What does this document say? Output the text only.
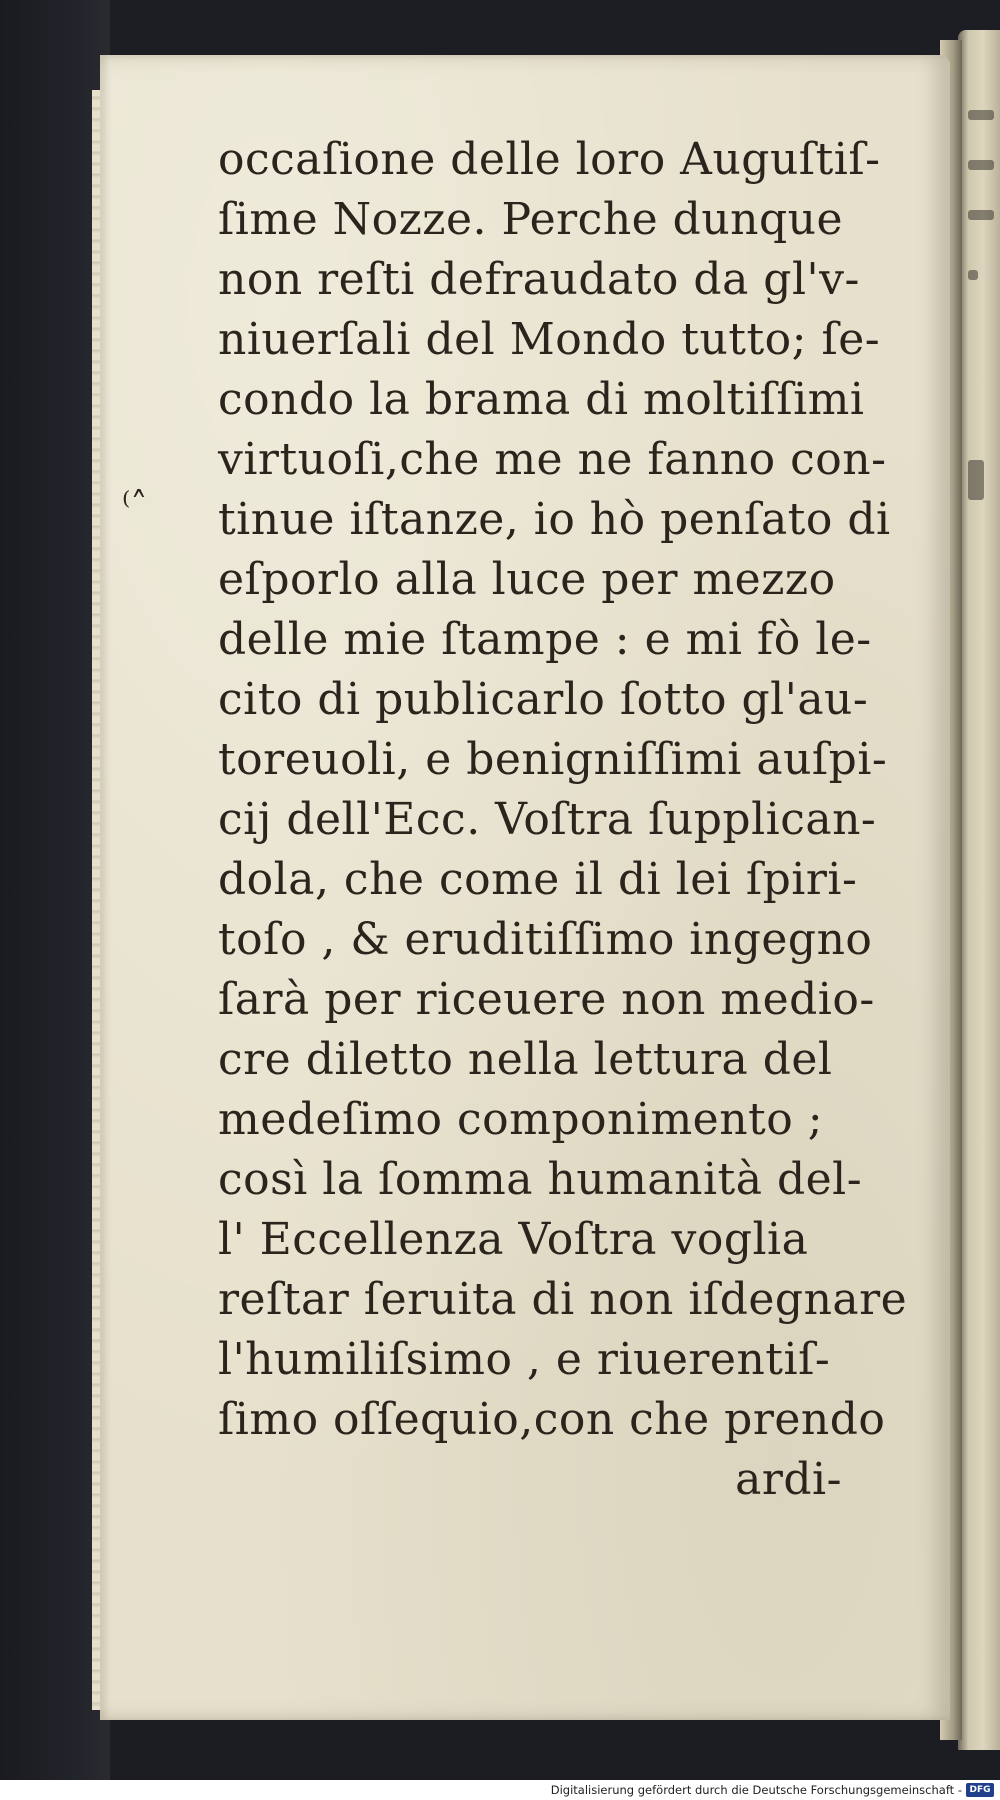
⁽˄
occaſione delle loro Auguſtiſ-
ſime Nozze. Perche dunque
non reſti defraudato da gl'v-
niuerſali del Mondo tutto; ſe-
condo la brama di moltiſſimi
virtuoſi,che me ne fanno con-
tinue iſtanze, io hò penſato di
eſporlo alla luce per mezzo
delle mie ſtampe : e mi fò le-
cito di publicarlo ſotto gl'au-
toreuoli, e benigniſſimi auſpi-
cij dell'Ecc. Voſtra ſupplican-
dola, che come il di lei ſpiri-
toſo , & eruditiſſimo ingegno
ſarà per riceuere non medio-
cre diletto nella lettura del
medeſimo componimento ;
così la ſomma humanità del-
l' Eccellenza Voſtra voglia
reſtar ſeruita di non iſdegnare
l'humiliſsimo , e riuerentiſ-
ſimo oſſequio,con che prendo
ardi-
Digitalisierung gefördert durch die Deutsche Forschungsgemeinschaft - DFG
